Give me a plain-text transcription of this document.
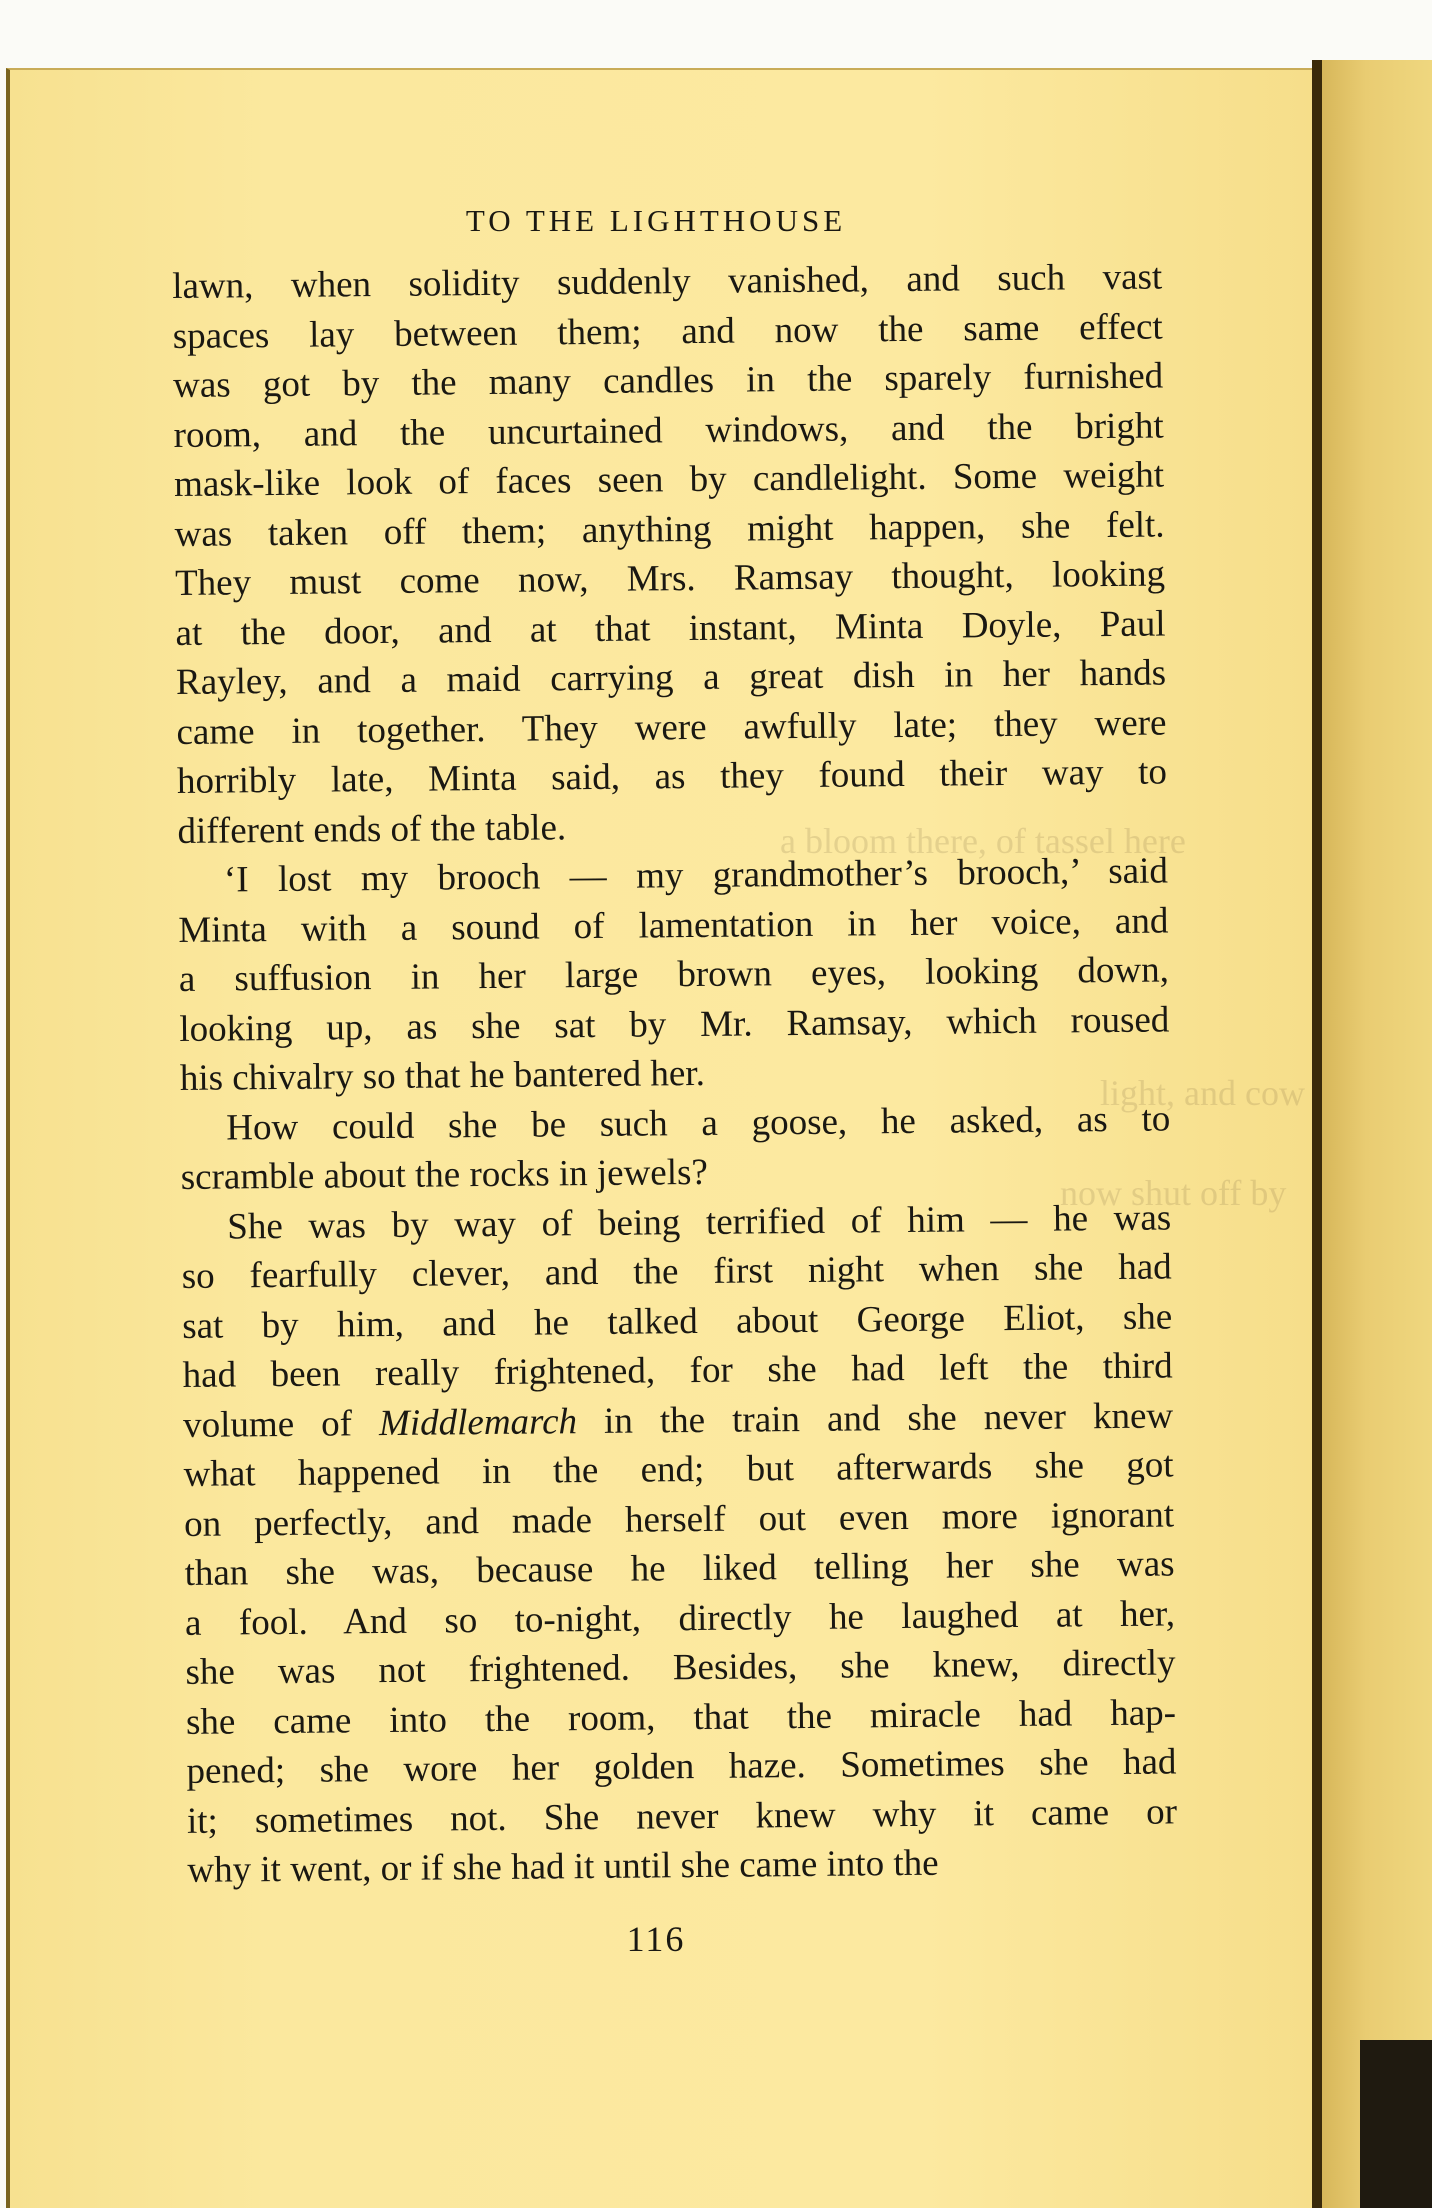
a bloom there, of tassel here
light, and cow
now shut off by
TO THE LIGHTHOUSE
lawn, when solidity suddenly vanished, and such vast
spaces lay between them; and now the same effect
was got by the many candles in the sparely furnished
room, and the uncurtained windows, and the bright
mask-like look of faces seen by candlelight. Some weight
was taken off them; anything might happen, she felt.
They must come now, Mrs. Ramsay thought, looking
at the door, and at that instant, Minta Doyle, Paul
Rayley, and a maid carrying a great dish in her hands
came in together. They were awfully late; they were
horribly late, Minta said, as they found their way to
different ends of the table.
‘I lost my brooch — my grandmother’s brooch,’ said
Minta with a sound of lamentation in her voice, and
a suffusion in her large brown eyes, looking down,
looking up, as she sat by Mr. Ramsay, which roused
his chivalry so that he bantered her.
How could she be such a goose, he asked, as to
scramble about the rocks in jewels?
She was by way of being terrified of him — he was
so fearfully clever, and the first night when she had
sat by him, and he talked about George Eliot, she
had been really frightened, for she had left the third
volume of Middlemarch in the train and she never knew
what happened in the end; but afterwards she got
on perfectly, and made herself out even more ignorant
than she was, because he liked telling her she was
a fool. And so to-night, directly he laughed at her,
she was not frightened. Besides, she knew, directly
she came into the room, that the miracle had hap-
pened; she wore her golden haze. Sometimes she had
it; sometimes not. She never knew why it came or
why it went, or if she had it until she came into the
116
